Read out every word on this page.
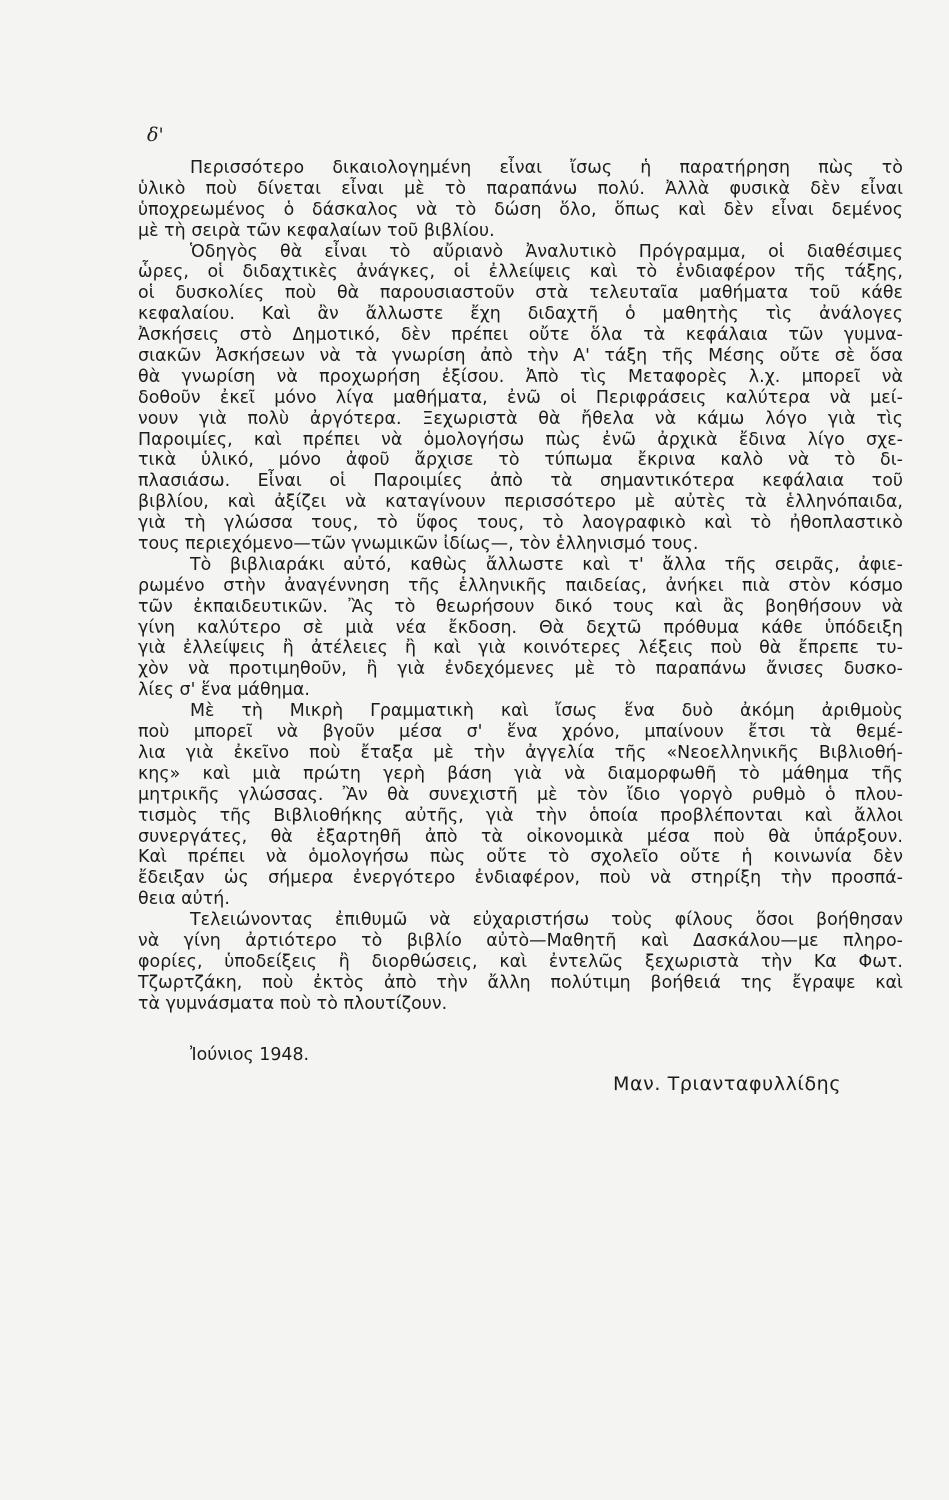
δ'
Περισσότερο δικαιολογημένη εἶναι ἴσως ἡ παρατήρηση πὼς τὸ
ὑλικὸ ποὺ δίνεται εἶναι μὲ τὸ παραπάνω πολύ. Ἀλλὰ φυσικὰ δὲν εἶναι
ὑποχρεωμένος ὁ δάσκαλος νὰ τὸ δώση ὅλο, ὅπως καὶ δὲν εἶναι δεμένος
μὲ τὴ σειρὰ τῶν κεφαλαίων τοῦ βιβλίου.
Ὁδηγὸς θὰ εἶναι τὸ αὔριανὸ Ἀναλυτικὸ Πρόγραμμα, οἱ διαθέσιμες
ὧρες, οἱ διδαχτικὲς ἀνάγκες, οἱ ἐλλείψεις καὶ τὸ ἐνδιαφέρον τῆς τάξης,
οἱ δυσκολίες ποὺ θὰ παρουσιαστοῦν στὰ τελευταῖα μαθήματα τοῦ κάθε
κεφαλαίου. Καὶ ἂν ἄλλωστε ἔχη διδαχτῆ ὁ μαθητὴς τὶς ἀνάλογες
Ἀσκήσεις στὸ Δημοτικό, δὲν πρέπει οὔτε ὅλα τὰ κεφάλαια τῶν γυμνα-
σιακῶν Ἀσκήσεων νὰ τὰ γνωρίση ἀπὸ τὴν Α' τάξη τῆς Μέσης οὔτε σὲ ὅσα
θὰ γνωρίση νὰ προχωρήση ἐξίσου. Ἀπὸ τὶς Μεταφορὲς λ.χ. μπορεῖ νὰ
δοθοῦν ἐκεῖ μόνο λίγα μαθήματα, ἐνῶ οἱ Περιφράσεις καλύτερα νὰ μεί-
νουν γιὰ πολὺ ἀργότερα. Ξεχωριστὰ θὰ ἤθελα νὰ κάμω λόγο γιὰ τὶς
Παροιμίες, καὶ πρέπει νὰ ὁμολογήσω πὼς ἐνῶ ἀρχικὰ ἔδινα λίγο σχε-
τικὰ ὑλικό, μόνο ἀφοῦ ἄρχισε τὸ τύπωμα ἔκρινα καλὸ νὰ τὸ δι-
πλασιάσω. Εἶναι οἱ Παροιμίες ἀπὸ τὰ σημαντικότερα κεφάλαια τοῦ
βιβλίου, καὶ ἀξίζει νὰ καταγίνουν περισσότερο μὲ αὐτὲς τὰ ἑλληνόπαιδα,
γιὰ τὴ γλώσσα τους, τὸ ὕφος τους, τὸ λαογραφικὸ καὶ τὸ ἠθοπλαστικὸ
τους περιεχόμενο—τῶν γνωμικῶν ἰδίως—, τὸν ἑλληνισμό τους.
Τὸ βιβλιαράκι αὐτό, καθὼς ἄλλωστε καὶ τ' ἄλλα τῆς σειρᾶς, ἀφιε-
ρωμένο στὴν ἀναγέννηση τῆς ἑλληνικῆς παιδείας, ἀνήκει πιὰ στὸν κόσμο
τῶν ἐκπαιδευτικῶν. Ἂς τὸ θεωρήσουν δικό τους καὶ ἂς βοηθήσουν νὰ
γίνη καλύτερο σὲ μιὰ νέα ἔκδοση. Θὰ δεχτῶ πρόθυμα κάθε ὑπόδειξη
γιὰ ἐλλείψεις ἢ ἀτέλειες ἢ καὶ γιὰ κοινότερες λέξεις ποὺ θὰ ἔπρεπε τυ-
χὸν νὰ προτιμηθοῦν, ἢ γιὰ ἐνδεχόμενες μὲ τὸ παραπάνω ἄνισες δυσκο-
λίες σ' ἕνα μάθημα.
Μὲ τὴ Μικρὴ Γραμματικὴ καὶ ἴσως ἕνα δυὸ ἀκόμη ἀριθμοὺς
ποὺ μπορεῖ νὰ βγοῦν μέσα σ' ἕνα χρόνο, μπαίνουν ἔτσι τὰ θεμέ-
λια γιὰ ἐκεῖνο ποὺ ἔταξα μὲ τὴν ἀγγελία τῆς «Νεοελληνικῆς Βιβλιοθή-
κης» καὶ μιὰ πρώτη γερὴ βάση γιὰ νὰ διαμορφωθῆ τὸ μάθημα τῆς
μητρικῆς γλώσσας. Ἂν θὰ συνεχιστῆ μὲ τὸν ἴδιο γοργὸ ρυθμὸ ὁ πλου-
τισμὸς τῆς Βιβλιοθήκης αὐτῆς, γιὰ τὴν ὁποία προβλέπονται καὶ ἄλλοι
συνεργάτες, θὰ ἐξαρτηθῆ ἀπὸ τὰ οἰκονομικὰ μέσα ποὺ θὰ ὑπάρξουν.
Καὶ πρέπει νὰ ὁμολογήσω πὼς οὔτε τὸ σχολεῖο οὔτε ἡ κοινωνία δὲν
ἔδειξαν ὡς σήμερα ἐνεργότερο ἐνδιαφέρον, ποὺ νὰ στηρίξη τὴν προσπά-
θεια αὐτή.
Τελειώνοντας ἐπιθυμῶ νὰ εὐχαριστήσω τοὺς φίλους ὅσοι βοήθησαν
νὰ γίνη ἀρτιότερο τὸ βιβλίο αὐτὸ—Μαθητῆ καὶ Δασκάλου—με πληρο-
φορίες, ὑποδείξεις ἢ διορθώσεις, καὶ ἐντελῶς ξεχωριστὰ τὴν Κα Φωτ.
Τζωρτζάκη, ποὺ ἐκτὸς ἀπὸ τὴν ἄλλη πολύτιμη βοήθειά της ἔγραψε καὶ
τὰ γυμνάσματα ποὺ τὸ πλουτίζουν.
Ἰούνιος 1948.
Μαν. Τριανταφυλλίδης
